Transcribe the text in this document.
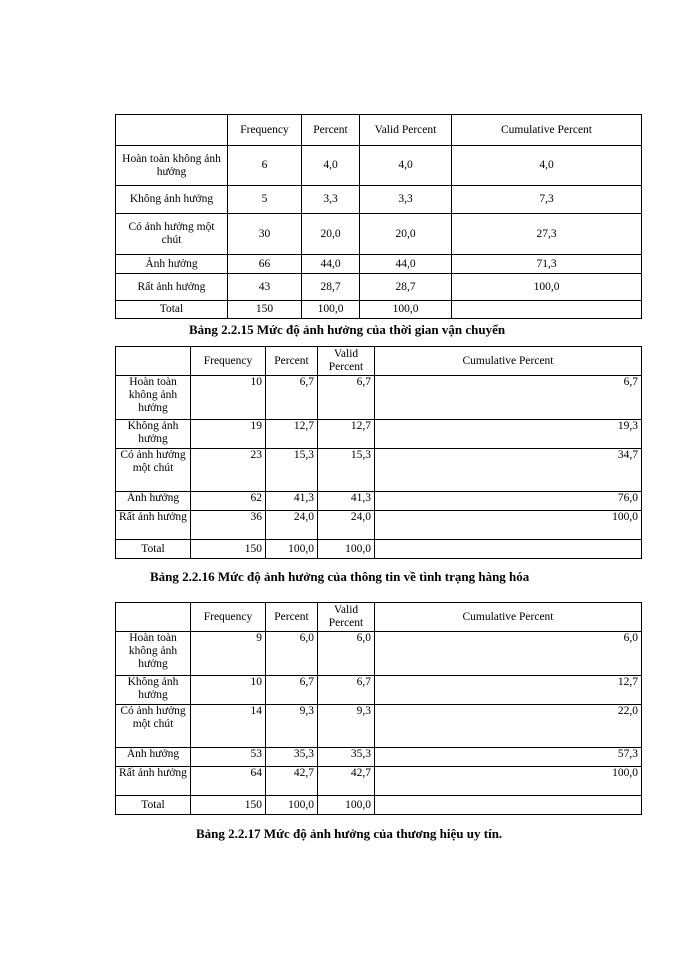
	Frequency	Percent	Valid Percent	Cumulative Percent
Hoàn toàn không ảnh hưởng	6	4,0	4,0	4,0
Không ảnh hưởng	5	3,3	3,3	7,3
Có ảnh hưởng một chút	30	20,0	20,0	27,3
Ảnh hưởng	66	44,0	44,0	71,3
Rất ảnh hưởng	43	28,7	28,7	100,0
Total	150	100,0	100,0	
Bảng 2.2.15 Mức độ ảnh hưởng của thời gian vận chuyển
	Frequency	Percent	Valid Percent	Cumulative Percent
Hoàn toàn không ảnh hưởng	10	6,7	6,7	6,7
Không ảnh hưởng	19	12,7	12,7	19,3
Có ảnh hưởng một chút	23	15,3	15,3	34,7
Ảnh hưởng	62	41,3	41,3	76,0
Rất ảnh hưởng	36	24,0	24,0	100,0
Total	150	100,0	100,0	
Bảng 2.2.16 Mức độ ảnh hưởng của thông tin về tình trạng hàng hóa
	Frequency	Percent	Valid Percent	Cumulative Percent
Hoàn toàn không ảnh hưởng	9	6,0	6,0	6,0
Không ảnh hưởng	10	6,7	6,7	12,7
Có ảnh hưởng một chút	14	9,3	9,3	22,0
Ảnh hưởng	53	35,3	35,3	57,3
Rất ảnh hưởng	64	42,7	42,7	100,0
Total	150	100,0	100,0	
Bảng 2.2.17 Mức độ ảnh hưởng của thương hiệu uy tín.
